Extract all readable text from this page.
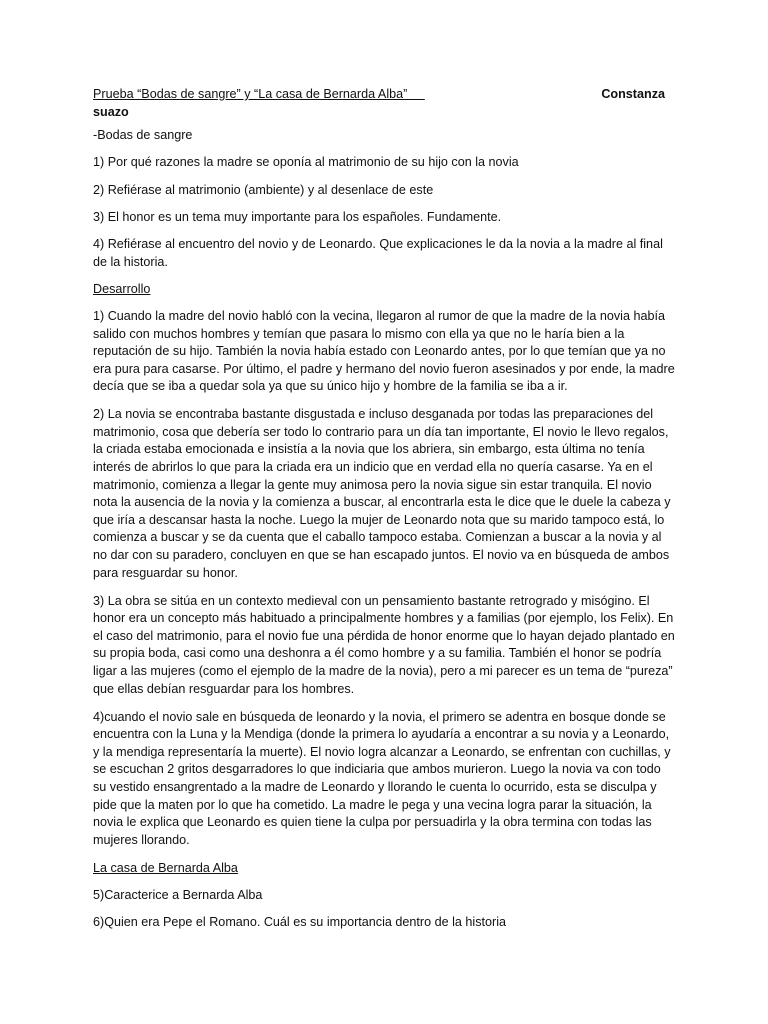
Prueba “Bodas de sangre” y “La casa de Bernarda Alba”	Constanza
suazo

-Bodas de sangre

1) Por qué razones la madre se oponía al matrimonio de su hijo con la novia

2) Refiérase al matrimonio (ambiente) y al desenlace de este

3) El honor es un tema muy importante para los españoles. Fundamente.

4) Refiérase al encuentro del novio y de Leonardo. Que explicaciones le da la novia a la madre al final de la historia.

Desarrollo

1) Cuando la madre del novio habló con la vecina, llegaron al rumor de que la madre de la novia había salido con muchos hombres y temían que pasara lo mismo con ella ya que no le haría bien a la reputación de su hijo. También la novia había estado con Leonardo antes, por lo que temían que ya no era pura para casarse. Por último, el padre y hermano del novio fueron asesinados y por ende, la madre decía que se iba a quedar sola ya que su único hijo y hombre de la familia se iba a ir.

2) La novia se encontraba bastante disgustada e incluso desganada por todas las preparaciones del matrimonio, cosa que debería ser todo lo contrario para un día tan importante, El novio le llevo regalos, la criada estaba emocionada e insistía a la novia que los abriera, sin embargo, esta última no tenía interés de abrirlos lo que para la criada era un indicio que en verdad ella no quería casarse. Ya en el matrimonio, comienza a llegar la gente muy animosa pero la novia sigue sin estar tranquila. El novio nota la ausencia de la novia y la comienza a buscar, al encontrarla esta le dice que le duele la cabeza y que iría a descansar hasta la noche. Luego la mujer de Leonardo nota que su marido tampoco está, lo comienza a buscar y se da cuenta que el caballo tampoco estaba. Comienzan a buscar a la novia y al no dar con su paradero, concluyen en que se han escapado juntos. El novio va en búsqueda de ambos para resguardar su honor.

3) La obra se sitúa en un contexto medieval con un pensamiento bastante retrogrado y misógino. El honor era un concepto más habituado a principalmente hombres y a familias (por ejemplo, los Felix). En el caso del matrimonio, para el novio fue una pérdida de honor enorme que lo hayan dejado plantado en su propia boda, casi como una deshonra a él como hombre y a su familia. También el honor se podría ligar a las mujeres (como el ejemplo de la madre de la novia), pero a mi parecer es un tema de “pureza” que ellas debían resguardar para los hombres.

4)cuando el novio sale en búsqueda de leonardo y la novia, el primero se adentra en bosque donde se encuentra con la Luna y la Mendiga (donde la primera lo ayudaría a encontrar a su novia y a Leonardo, y la mendiga representaría la muerte). El novio logra alcanzar a Leonardo, se enfrentan con cuchillas, y se escuchan 2 gritos desgarradores lo que indiciaria que ambos murieron. Luego la novia va con todo su vestido ensangrentado a la madre de Leonardo y llorando le cuenta lo ocurrido, esta se disculpa y pide que la maten por lo que ha cometido. La madre le pega y una vecina logra parar la situación, la novia le explica que Leonardo es quien tiene la culpa por persuadirla y la obra termina con todas las mujeres llorando.

La casa de Bernarda Alba

5)Caracterice a Bernarda Alba

6)Quien era Pepe el Romano. Cuál es su importancia dentro de la historia
